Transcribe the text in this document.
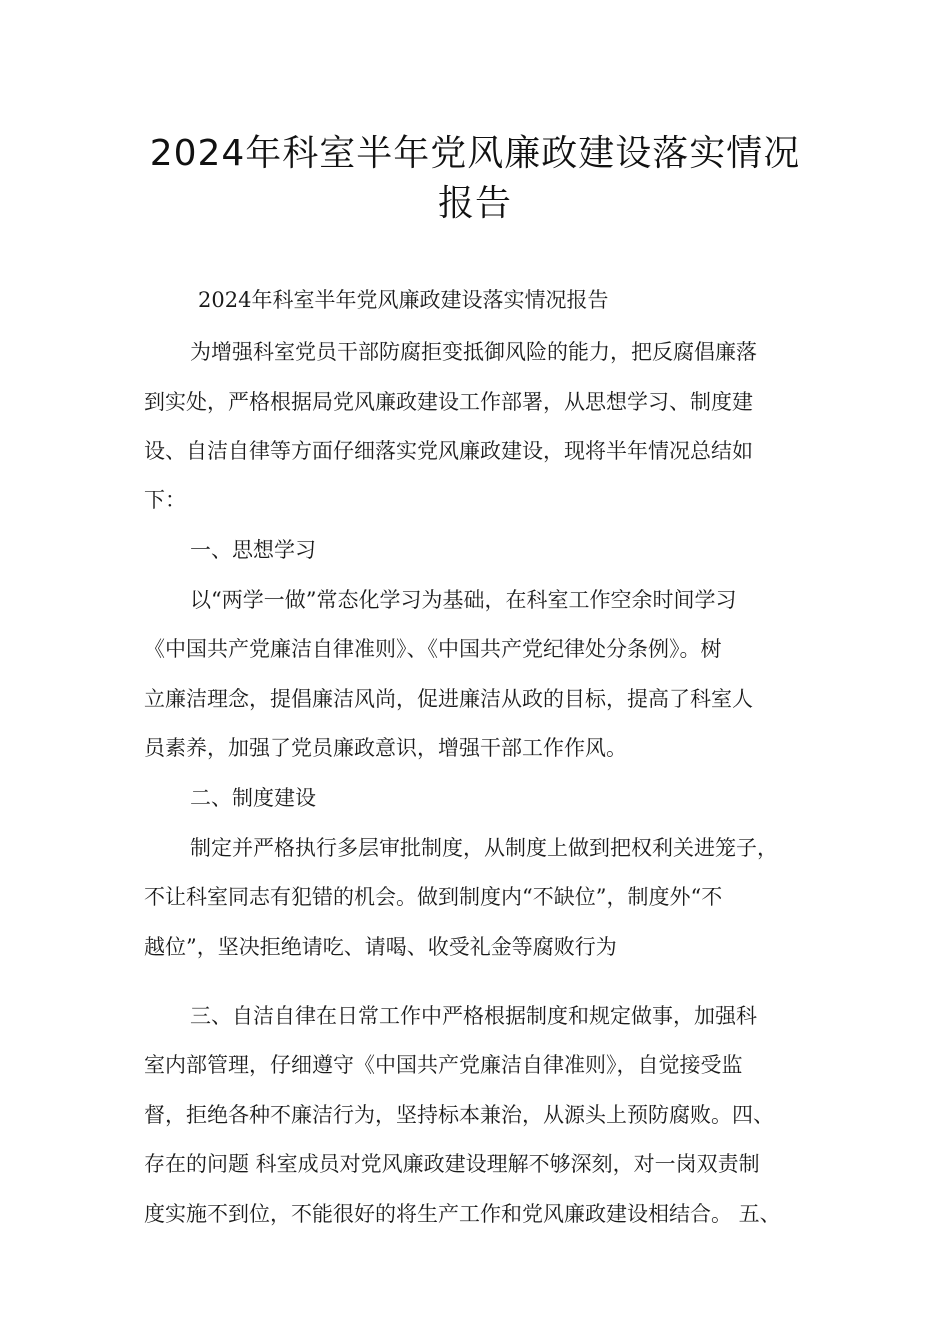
2024年科室半年党风廉政建设落实情况
报告
2024年科室半年党风廉政建设落实情况报告
为增强科室党员干部防腐拒变抵御风险的能力，把反腐倡廉落
到实处，严格根据局党风廉政建设工作部署，从思想学习、制度建
设、自洁自律等方面仔细落实党风廉政建设，现将半年情况总结如
下：
一、思想学习
以“两学一做”常态化学习为基础，在科室工作空余时间学习
《中国共产党廉洁自律准则》、《中国共产党纪律处分条例》。树
立廉洁理念，提倡廉洁风尚，促进廉洁从政的目标，提高了科室人
员素养，加强了党员廉政意识，增强干部工作作风。
二、制度建设
制定并严格执行多层审批制度，从制度上做到把权利关进笼子，
不让科室同志有犯错的机会。做到制度内“不缺位”，制度外“不
越位”，坚决拒绝请吃、请喝、收受礼金等腐败行为
三、自洁自律在日常工作中严格根据制度和规定做事，加强科
室内部管理，仔细遵守《中国共产党廉洁自律准则》，自觉接受监
督，拒绝各种不廉洁行为，坚持标本兼治，从源头上预防腐败。四、
存在的问题 科室成员对党风廉政建设理解不够深刻，对一岗双责制
度实施不到位，不能很好的将生产工作和党风廉政建设相结合。 五、
